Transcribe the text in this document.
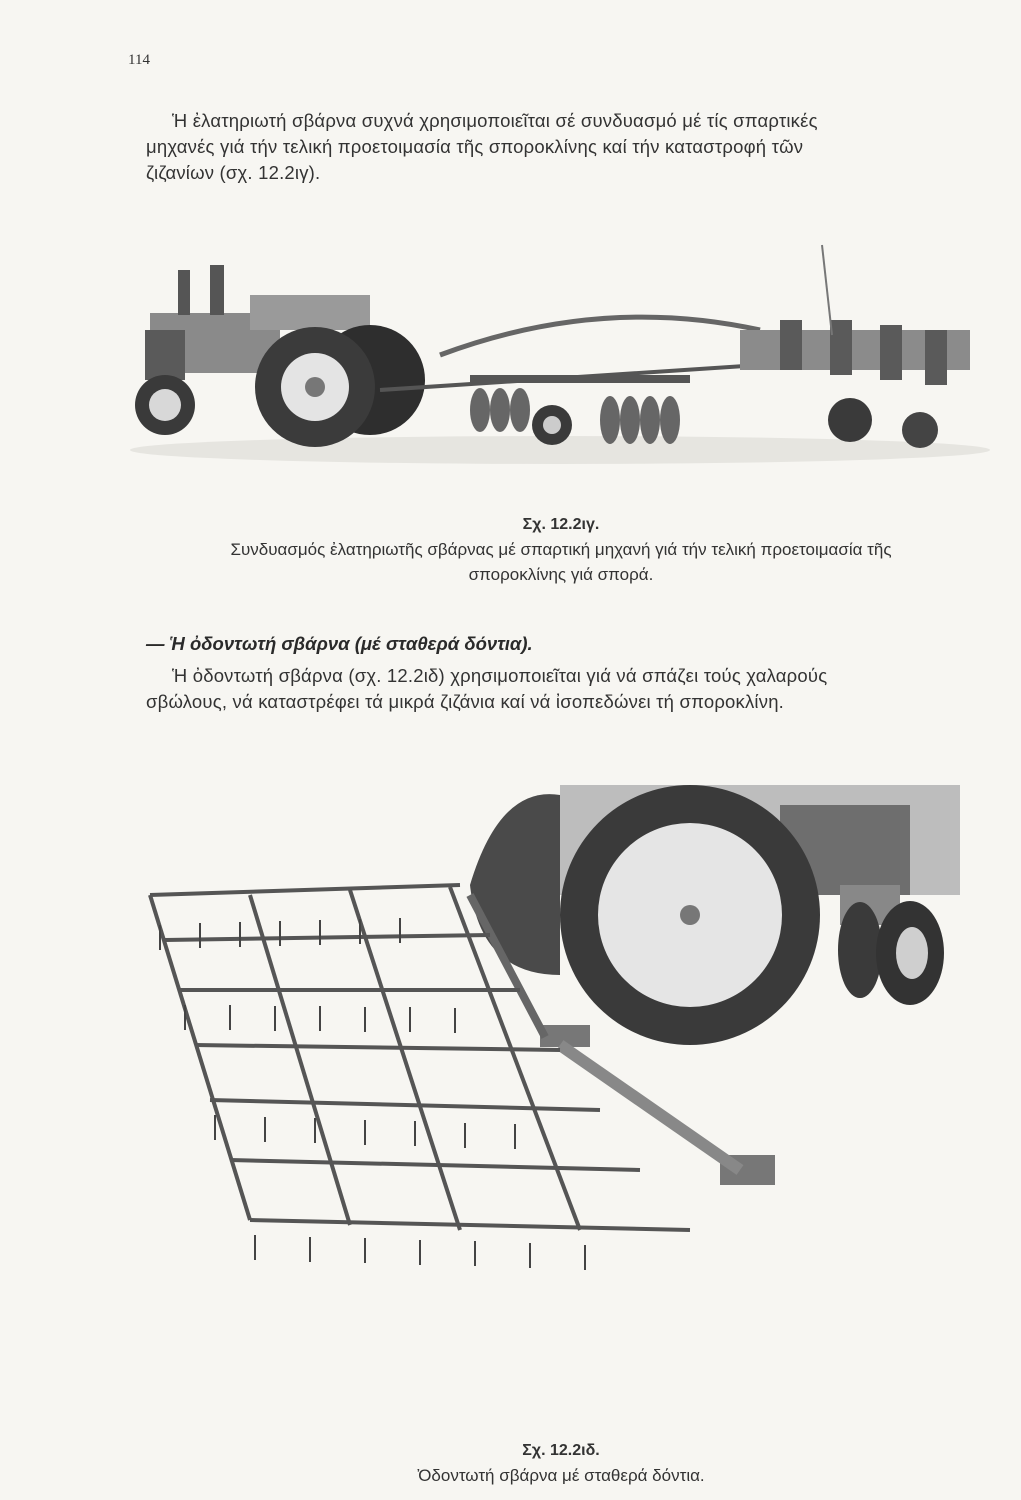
114
Ἡ ἐλατηριωτή σβάρνα συχνά χρησιμοποιεῖται σέ συνδυασμό μέ τίς σπαρτικές
μηχανές γιά τήν τελική προετοιμασία τῆς σποροκλίνης καί τήν καταστροφή τῶν
ζιζανίων (σχ. 12.2ιγ).
Σχ. 12.2ιγ.
Συνδυασμός ἐλατηριωτῆς σβάρνας μέ σπαρτική μηχανή γιά τήν τελική προετοιμασία τῆς
σποροκλίνης γιά σπορά.
— Ἡ ὀδοντωτή σβάρνα (μέ σταθερά δόντια).
Ἡ ὀδοντωτή σβάρνα (σχ. 12.2ιδ) χρησιμοποιεῖται γιά νά σπάζει τούς χαλαρούς
σβώλους, νά καταστρέφει τά μικρά ζιζάνια καί νά ἰσοπεδώνει τή σποροκλίνη.
Σχ. 12.2ιδ.
Ὀδοντωτή σβάρνα μέ σταθερά δόντια.
